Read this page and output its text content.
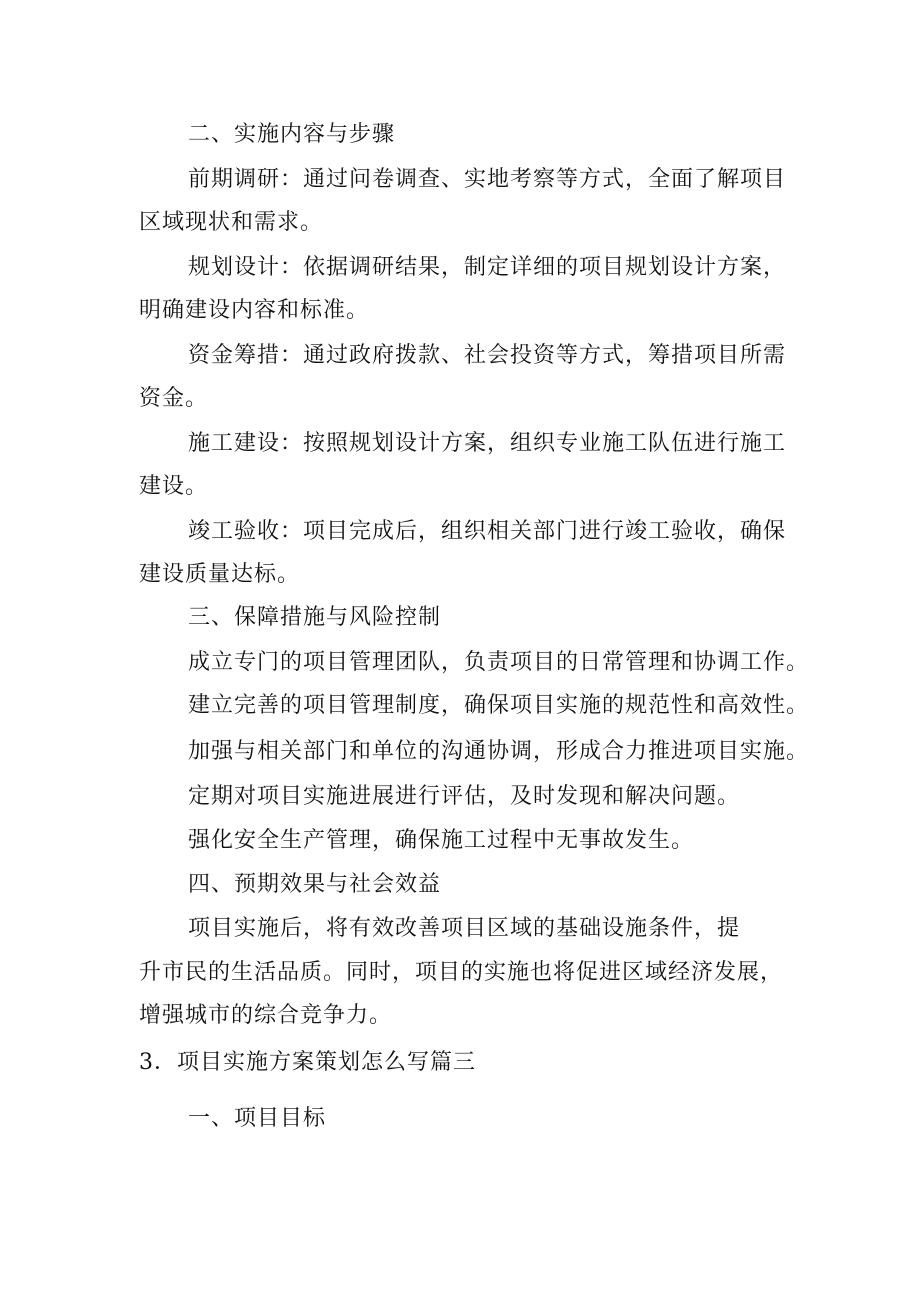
二、实施内容与步骤
前期调研：通过问卷调查、实地考察等方式，全面了解项目
区域现状和需求。
规划设计：依据调研结果，制定详细的项目规划设计方案，
明确建设内容和标准。
资金筹措：通过政府拨款、社会投资等方式，筹措项目所需
资金。
施工建设：按照规划设计方案，组织专业施工队伍进行施工
建设。
竣工验收：项目完成后，组织相关部门进行竣工验收，确保
建设质量达标。
三、保障措施与风险控制
成立专门的项目管理团队，负责项目的日常管理和协调工作。
建立完善的项目管理制度，确保项目实施的规范性和高效性。
加强与相关部门和单位的沟通协调，形成合力推进项目实施。
定期对项目实施进展进行评估，及时发现和解决问题。
强化安全生产管理，确保施工过程中无事故发生。
四、预期效果与社会效益
项目实施后，将有效改善项目区域的基础设施条件，提
升市民的生活品质。同时，项目的实施也将促进区域经济发展，
增强城市的综合竞争力。
3．项目实施方案策划怎么写篇三
一、项目目标
